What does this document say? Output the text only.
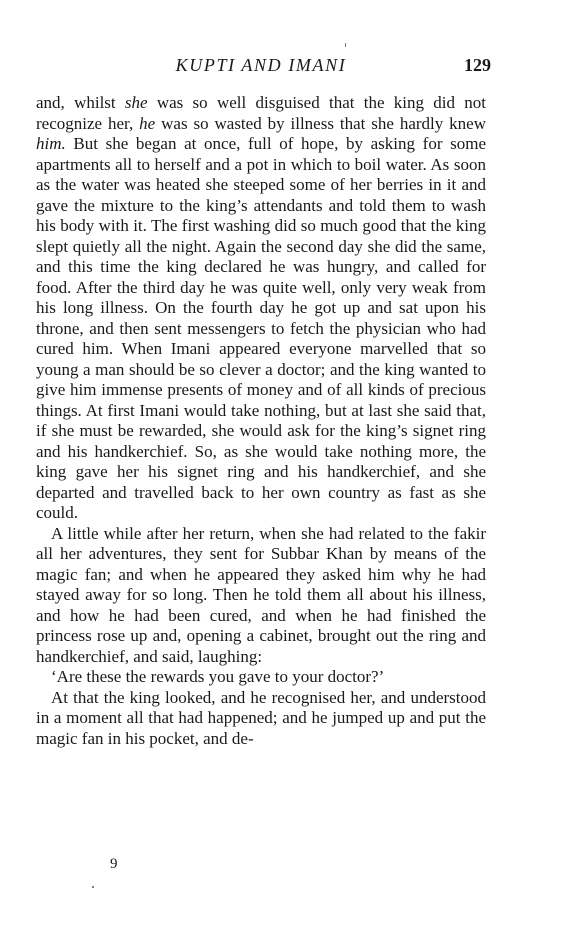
KUPTI AND IMANI	129

and, whilst she was so well disguised that the king did not recognize her, he was so wasted by illness that she hardly knew him. But she began at once, full of hope, by asking for some apartments all to herself and a pot in which to boil water. As soon as the water was heated she steeped some of her berries in it and gave the mixture to the king’s attendants and told them to wash his body with it. The first washing did so much good that the king slept quietly all the night. Again the second day she did the same, and this time the king declared he was hungry, and called for food. After the third day he was quite well, only very weak from his long illness. On the fourth day he got up and sat upon his throne, and then sent messengers to fetch the physician who had cured him. When Imani appeared everyone marvelled that so young a man should be so clever a doctor; and the king wanted to give him immense presents of money and of all kinds of precious things. At first Imani would take nothing, but at last she said that, if she must be rewarded, she would ask for the king’s signet ring and his handkerchief. So, as she would take nothing more, the king gave her his signet ring and his handkerchief, and she departed and travelled back to her own country as fast as she could.

A little while after her return, when she had related to the fakir all her adventures, they sent for Subbar Khan by means of the magic fan; and when he appeared they asked him why he had stayed away for so long. Then he told them all about his illness, and how he had been cured, and when he had finished the princess rose up and, opening a cabinet, brought out the ring and handkerchief, and said, laughing:

‘Are these the rewards you gave to your doctor?’

At that the king looked, and he recognised her, and understood in a moment all that had happened; and he jumped up and put the magic fan in his pocket, and de-

9
